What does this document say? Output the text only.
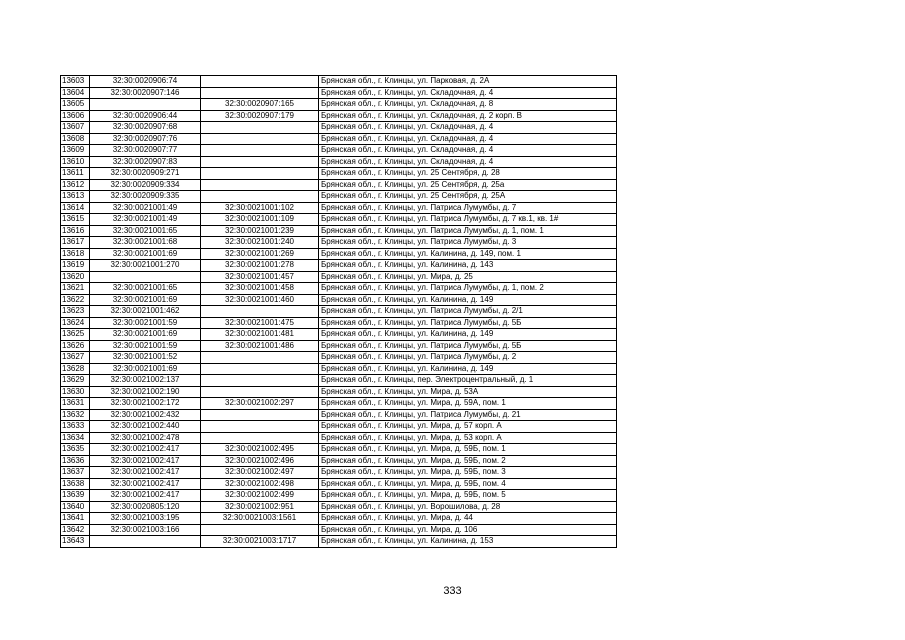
13603	32:30:0020906:74		Брянская обл., г. Клинцы, ул. Парковая, д. 2А
13604	32:30:0020907:146		Брянская обл., г. Клинцы, ул. Складочная, д. 4
13605		32:30:0020907:165	Брянская обл., г. Клинцы, ул. Складочная, д. 8
13606	32:30:0020906:44	32:30:0020907:179	Брянская обл., г. Клинцы, ул. Складочная, д. 2 корп. В
13607	32:30:0020907:68		Брянская обл., г. Клинцы, ул. Складочная, д. 4
13608	32:30:0020907:76		Брянская обл., г. Клинцы, ул. Складочная, д. 4
13609	32:30:0020907:77		Брянская обл., г. Клинцы, ул. Складочная, д. 4
13610	32:30:0020907:83		Брянская обл., г. Клинцы, ул. Складочная, д. 4
13611	32:30:0020909:271		Брянская обл., г. Клинцы, ул. 25 Сентября, д. 28
13612	32:30:0020909:334		Брянская обл., г. Клинцы, ул. 25 Сентября, д. 25а
13613	32:30:0020909:335		Брянская обл., г. Клинцы, ул. 25 Сентября, д. 25А
13614	32:30:0021001:49	32:30:0021001:102	Брянская обл., г. Клинцы, ул. Патриса Лумумбы, д. 7
13615	32:30:0021001:49	32:30:0021001:109	Брянская обл., г. Клинцы, ул. Патриса Лумумбы, д. 7 кв.1, кв. 1#
13616	32:30:0021001:65	32:30:0021001:239	Брянская обл., г. Клинцы, ул. Патриса Лумумбы, д. 1, пом. 1
13617	32:30:0021001:68	32:30:0021001:240	Брянская обл., г. Клинцы, ул. Патриса Лумумбы, д. 3
13618	32:30:0021001:69	32:30:0021001:269	Брянская обл., г. Клинцы, ул. Калинина, д. 149, пом. 1
13619	32:30:0021001:270	32:30:0021001:278	Брянская обл., г. Клинцы, ул. Калинина, д. 143
13620		32:30:0021001:457	Брянская обл., г. Клинцы, ул. Мира, д. 25
13621	32:30:0021001:65	32:30:0021001:458	Брянская обл., г. Клинцы, ул. Патриса Лумумбы, д. 1, пом. 2
13622	32:30:0021001:69	32:30:0021001:460	Брянская обл., г. Клинцы, ул. Калинина, д. 149
13623	32:30:0021001:462		Брянская обл., г. Клинцы, ул. Патриса Лумумбы, д. 2/1
13624	32:30:0021001:59	32:30:0021001:475	Брянская обл., г. Клинцы, ул. Патриса Лумумбы, д. 5Б
13625	32:30:0021001:69	32:30:0021001:481	Брянская обл., г. Клинцы, ул. Калинина, д. 149
13626	32:30:0021001:59	32:30:0021001:486	Брянская обл., г. Клинцы, ул. Патриса Лумумбы, д. 5Б
13627	32:30:0021001:52		Брянская обл., г. Клинцы, ул. Патриса Лумумбы, д. 2
13628	32:30:0021001:69		Брянская обл., г. Клинцы, ул. Калинина, д. 149
13629	32:30:0021002:137		Брянская обл., г. Клинцы, пер. Электроцентральный, д. 1
13630	32:30:0021002:190		Брянская обл., г. Клинцы, ул. Мира, д. 53А
13631	32:30:0021002:172	32:30:0021002:297	Брянская обл., г. Клинцы, ул. Мира, д. 59А, пом. 1
13632	32:30:0021002:432		Брянская обл., г. Клинцы, ул. Патриса Лумумбы, д. 21
13633	32:30:0021002:440		Брянская обл., г. Клинцы, ул. Мира, д. 57 корп. А
13634	32:30:0021002:478		Брянская обл., г. Клинцы, ул. Мира, д. 53 корп. А
13635	32:30:0021002:417	32:30:0021002:495	Брянская обл., г. Клинцы, ул. Мира, д. 59Б, пом. 1
13636	32:30:0021002:417	32:30:0021002:496	Брянская обл., г. Клинцы, ул. Мира, д. 59Б, пом. 2
13637	32:30:0021002:417	32:30:0021002:497	Брянская обл., г. Клинцы, ул. Мира, д. 59Б, пом. 3
13638	32:30:0021002:417	32:30:0021002:498	Брянская обл., г. Клинцы, ул. Мира, д. 59Б, пом. 4
13639	32:30:0021002:417	32:30:0021002:499	Брянская обл., г. Клинцы, ул. Мира, д. 59Б, пом. 5
13640	32:30:0020805:120	32:30:0021002:951	Брянская обл., г. Клинцы, ул. Ворошилова, д. 28
13641	32:30:0021003:195	32:30:0021003:1561	Брянская обл., г. Клинцы, ул. Мира, д. 44
13642	32:30:0021003:166		Брянская обл., г. Клинцы, ул. Мира, д. 106
13643		32:30:0021003:1717	Брянская обл., г. Клинцы, ул. Калинина, д. 153
333
